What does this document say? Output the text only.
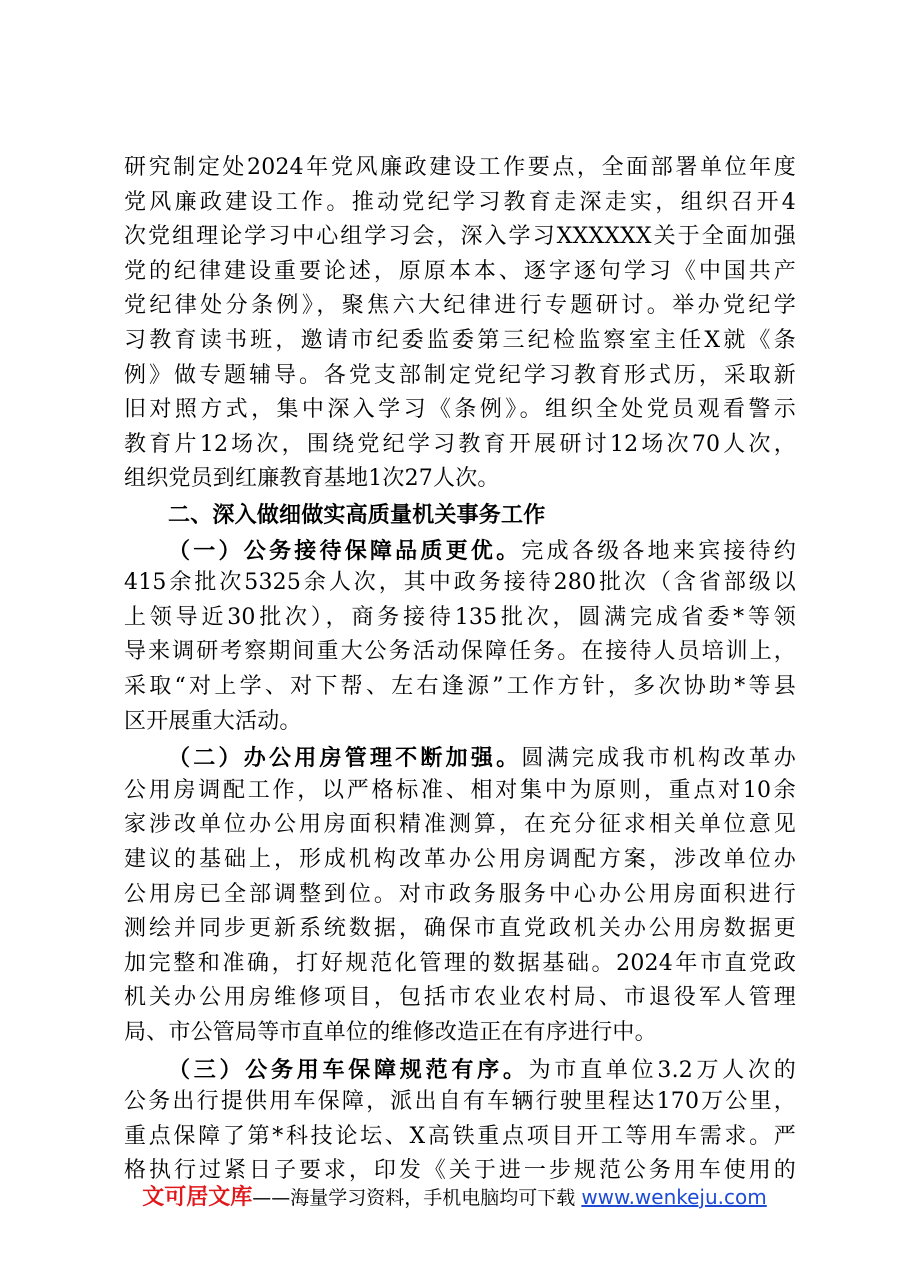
研究制定处2024年党风廉政建设工作要点，全面部署单位年度
党风廉政建设工作。推动党纪学习教育走深走实，组织召开4
次党组理论学习中心组学习会，深入学习XXXXXX关于全面加强
党的纪律建设重要论述，原原本本、逐字逐句学习《中国共产
党纪律处分条例》，聚焦六大纪律进行专题研讨。举办党纪学
习教育读书班，邀请市纪委监委第三纪检监察室主任X就《条
例》做专题辅导。各党支部制定党纪学习教育形式历，采取新
旧对照方式，集中深入学习《条例》。组织全处党员观看警示
教育片12场次，围绕党纪学习教育开展研讨12场次70人次，
组织党员到红廉教育基地1次27人次。
二、深入做细做实高质量机关事务工作
（一）公务接待保障品质更优。完成各级各地来宾接待约
415余批次5325余人次，其中政务接待280批次（含省部级以
上领导近30批次），商务接待135批次，圆满完成省委*等领
导来调研考察期间重大公务活动保障任务。在接待人员培训上，
采取“对上学、对下帮、左右逢源”工作方针，多次协助*等县
区开展重大活动。
（二）办公用房管理不断加强。圆满完成我市机构改革办
公用房调配工作，以严格标准、相对集中为原则，重点对10余
家涉改单位办公用房面积精准测算，在充分征求相关单位意见
建议的基础上，形成机构改革办公用房调配方案，涉改单位办
公用房已全部调整到位。对市政务服务中心办公用房面积进行
测绘并同步更新系统数据，确保市直党政机关办公用房数据更
加完整和准确，打好规范化管理的数据基础。2024年市直党政
机关办公用房维修项目，包括市农业农村局、市退役军人管理
局、市公管局等市直单位的维修改造正在有序进行中。
（三）公务用车保障规范有序。为市直单位3.2万人次的
公务出行提供用车保障，派出自有车辆行驶里程达170万公里，
重点保障了第*科技论坛、X高铁重点项目开工等用车需求。严
格执行过紧日子要求，印发《关于进一步规范公务用车使用的
文可居文库——海量学习资料，手机电脑均可下载 www.wenkeju.com
